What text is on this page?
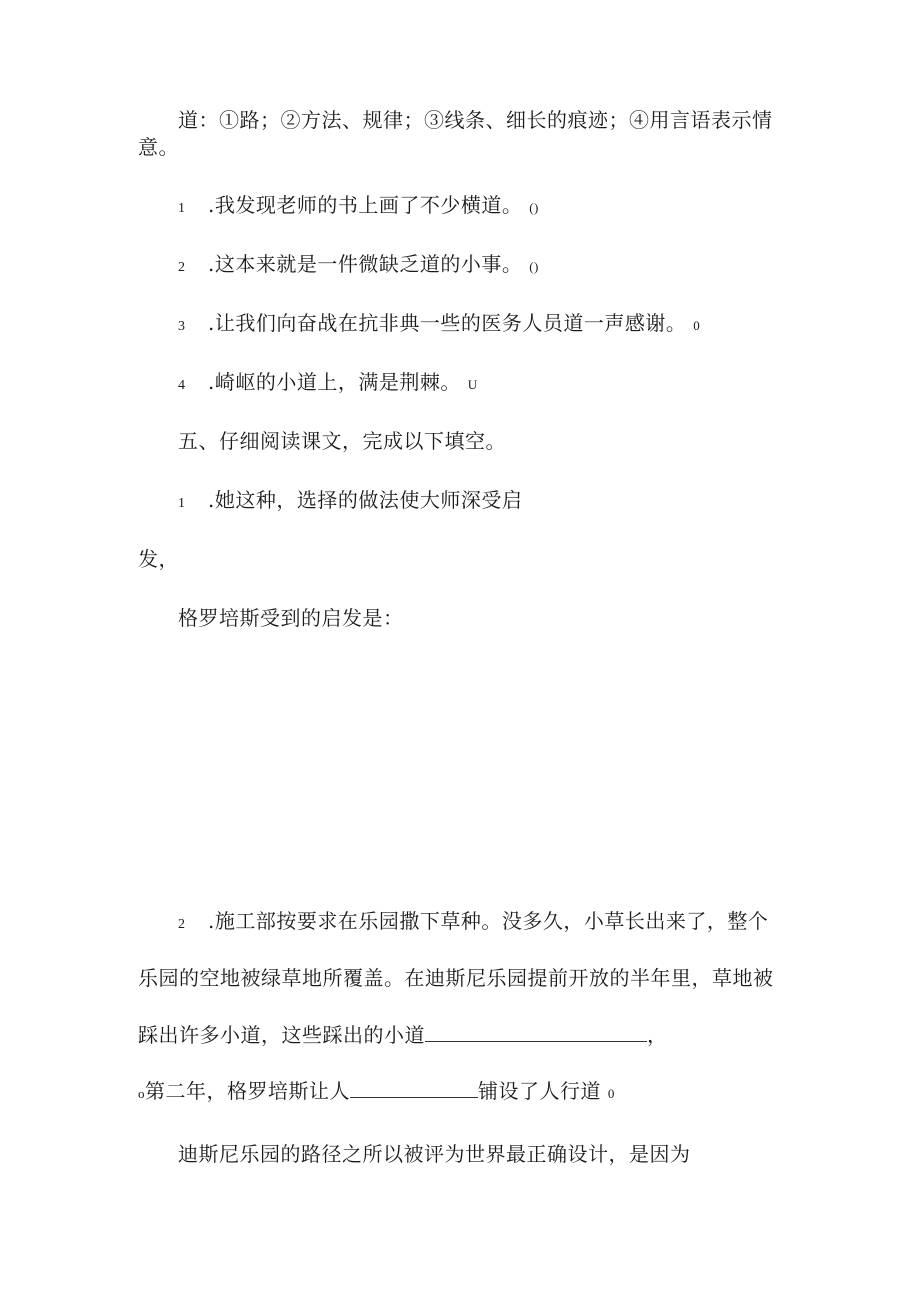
道：①路；②方法、规律；③线条、细长的痕迹；④用言语表示情
意。
1 .我发现老师的书上画了不少横道。 ()
2 .这本来就是一件微缺乏道的小事。 ()
3 .让我们向奋战在抗非典一些的医务人员道一声感谢。 0
4 .崎岖的小道上，满是荆棘。 U
五、仔细阅读课文，完成以下填空。
1 .她这种，选择的做法使大师深受启
发，
格罗培斯受到的启发是：
2 .施工部按要求在乐园撒下草种。没多久，小草长出来了，整个
乐园的空地被绿草地所覆盖。在迪斯尼乐园提前开放的半年里，草地被
踩出许多小道，这些踩出的小道	，
o第二年，格罗培斯让人	铺设了人行道 0
迪斯尼乐园的路径之所以被评为世界最正确设计，是因为
